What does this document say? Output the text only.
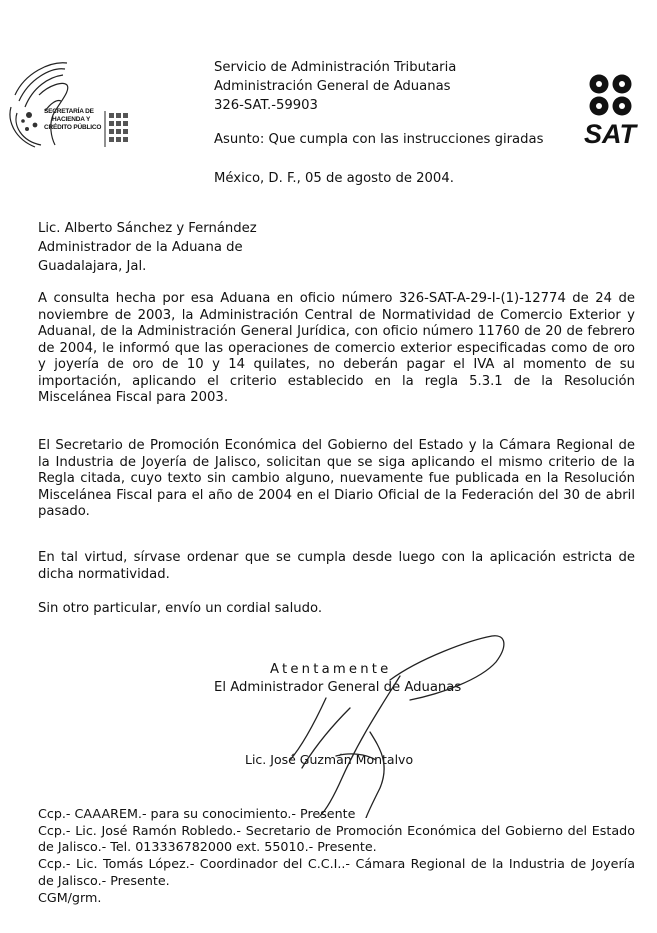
SECRETARÍA DE
HACIENDA Y
CRÉDITO PÚBLICO	SAT
Servicio de Administración Tributaria
Administración General de Aduanas
326-SAT.-59903
Asunto: Que cumpla con las instrucciones giradas
México, D. F., 05 de agosto de 2004.
Lic. Alberto Sánchez y Fernández
Administrador de la Aduana de
Guadalajara, Jal.

A consulta hecha por esa Aduana en oficio número 326-SAT-A-29-I-(1)-12774 de 24 de noviembre de 2003, la Administración Central de Normatividad de Comercio Exterior y Aduanal, de la Administración General Jurídica, con oficio número 11760 de 20 de febrero de 2004, le informó que las operaciones de comercio exterior especificadas como de oro y joyería de oro de 10 y 14 quilates, no deberán pagar el IVA al momento de su importación, aplicando el criterio establecido en la regla 5.3.1 de la Resolución Miscelánea Fiscal para 2003.

El Secretario de Promoción Económica del Gobierno del Estado y la Cámara Regional de la Industria de Joyería de Jalisco, solicitan que se siga aplicando el mismo criterio de la Regla citada, cuyo texto sin cambio alguno, nuevamente fue publicada en la Resolución Miscelánea Fiscal para el año de 2004 en el Diario Oficial de la Federación del 30 de abril pasado.

En tal virtud, sírvase ordenar que se cumpla desde luego con la aplicación estricta de dicha normatividad.

Sin otro particular, envío un cordial saludo.

Atentamente
El Administrador General de Aduanas
Lic. José Guzmán Montalvo
Ccp.- CAAAREM.- para su conocimiento.- Presente
Ccp.- Lic. José Ramón Robledo.- Secretario de Promoción Económica del Gobierno del Estado de Jalisco.- Tel. 013336782000 ext. 55010.- Presente.
Ccp.- Lic. Tomás López.- Coordinador del C.C.I..- Cámara Regional de la Industria de Joyería de Jalisco.- Presente.
CGM/grm.
